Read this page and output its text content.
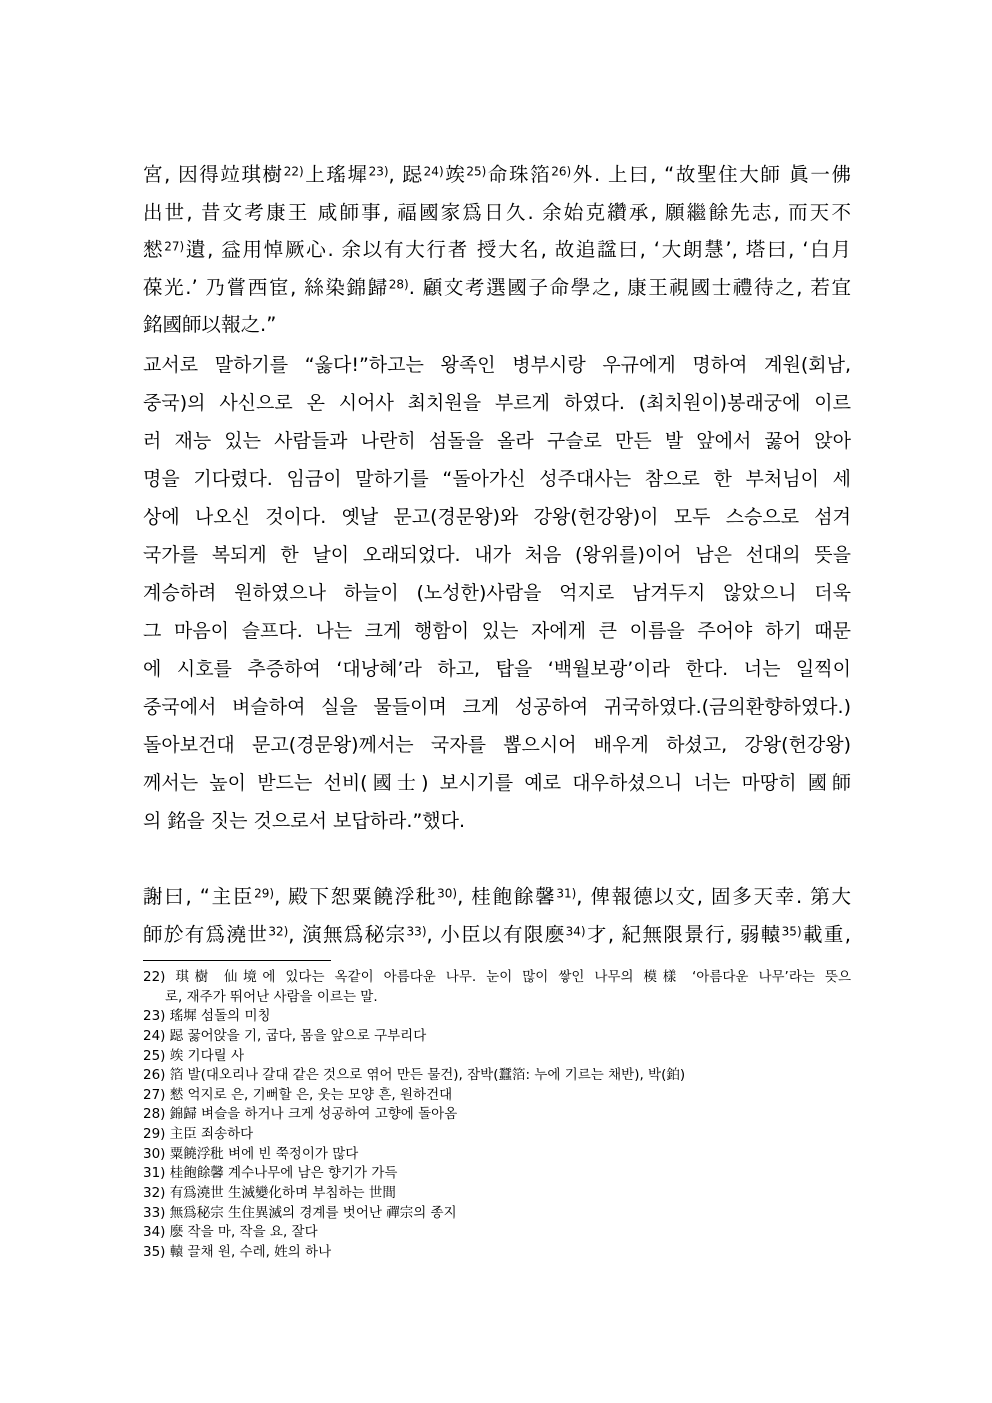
宮, 因得竝琪樹$^{22)}$上瑤墀$^{23)}$, 跽$^{24)}$竢$^{25)}$命珠箔$^{26)}$外. 上曰, “故聖住大師 眞一佛
出世, 昔文考康王 咸師事, 福國家爲日久. 余始克纘承, 願繼餘先志, 而天不
憖$^{27)}$遺, 益用悼厥心. 余以有大行者 授大名, 故追諡曰, ‘大朗慧’, 塔曰, ‘白月
葆光.’ 乃嘗西宦, 絲染錦歸$^{28)}$. 顧文考選國子命學之, 康王視國士禮待之, 若宜
銘國師以報之.”
교서로 말하기를 “옳다!”하고는 왕족인 병부시랑 우규에게 명하여 계원(회남,
중국)의 사신으로 온 시어사 최치원을 부르게 하였다. (최치원이)봉래궁에 이르
러 재능 있는 사람들과 나란히 섬돌을 올라 구슬로 만든 발 앞에서 꿇어 앉아
명을 기다렸다. 임금이 말하기를 “돌아가신 성주대사는 참으로 한 부처님이 세
상에 나오신 것이다. 옛날 문고(경문왕)와 강왕(헌강왕)이 모두 스승으로 섬겨
국가를 복되게 한 날이 오래되었다. 내가 처음 (왕위를)이어 남은 선대의 뜻을
계승하려 원하였으나 하늘이 (노성한)사람을 억지로 남겨두지 않았으니 더욱
그 마음이 슬프다. 나는 크게 행함이 있는 자에게 큰 이름을 주어야 하기 때문
에 시호를 추증하여 ‘대낭혜’라 하고, 탑을 ‘백월보광’이라 한다. 너는 일찍이
중국에서 벼슬하여 실을 물들이며 크게 성공하여 귀국하였다.(금의환향하였다.)
돌아보건대 문고(경문왕)께서는 국자를 뽑으시어 배우게 하셨고, 강왕(헌강왕)
께서는 높이 받드는 선비(國士) 보시기를 예로 대우하셨으니 너는 마땅히 國師
의 銘을 짓는 것으로서 보답하라.”했다.
謝曰, “主臣$^{29)}$, 殿下恕粟饒浮秕$^{30)}$, 桂飽餘馨$^{31)}$, 俾報德以文, 固多天幸. 第大
師於有爲澆世$^{32)}$, 演無爲秘宗$^{33)}$, 小臣以有限麽$^{34)}$才, 紀無限景行, 弱轅$^{35)}$載重,
22) 琪樹 仙境에 있다는 옥같이 아름다운 나무. 눈이 많이 쌓인 나무의 模樣 ‘아름다운 나무’라는 뜻으
로, 재주가 뛰어난 사람을 이르는 말.
23) 瑤墀 섬돌의 미칭
24) 跽 꿇어앉을 기, 굽다, 몸을 앞으로 구부리다
25) 竢 기다릴 사
26) 箔 발(대오리나 갈대 같은 것으로 엮어 만든 물건), 잠박(蠶箔: 누에 기르는 채반), 박(鉑)
27) 憖 억지로 은, 기뻐할 은, 웃는 모양 흔, 원하건대
28) 錦歸 벼슬을 하거나 크게 성공하여 고향에 돌아옴
29) 主臣 죄송하다
30) 粟饒浮秕 벼에 빈 쭉정이가 많다
31) 桂飽餘馨 계수나무에 남은 향기가 가득
32) 有爲澆世 生滅變化하며 부침하는 世間
33) 無爲秘宗 生住異滅의 경계를 벗어난 禪宗의 종지
34) 麽 작을 마, 작을 요, 잘다
35) 轅 끌채 원, 수레, 姓의 하나
